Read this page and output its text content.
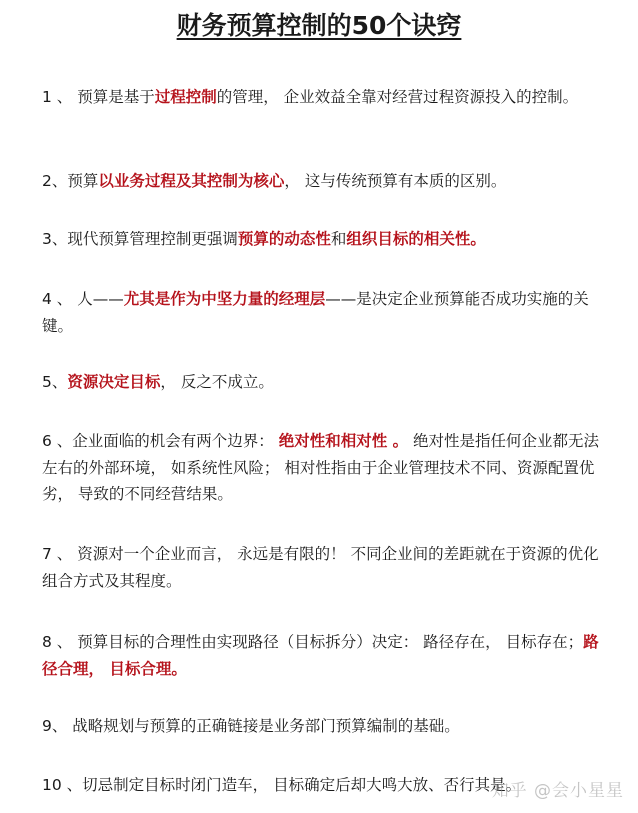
财务预算控制的50个诀窍

1 、 预算是基于过程控制的管理， 企业效益全靠对经营过程资源投入的控制。

2、预算以业务过程及其控制为核心， 这与传统预算有本质的区别。

3、现代预算管理控制更强调预算的动态性和组织目标的相关性。

4 、 人——尤其是作为中坚力量的经理层——是决定企业预算能否成功实施的关键。

5、资源决定目标， 反之不成立。

6 、企业面临的机会有两个边界： 绝对性和相对性 。 绝对性是指任何企业都无法左右的外部环境， 如系统性风险； 相对性指由于企业管理技术不同、资源配置优劣， 导致的不同经营结果。

7 、 资源对一个企业而言， 永远是有限的！ 不同企业间的差距就在于资源的优化组合方式及其程度。

8 、 预算目标的合理性由实现路径（目标拆分）决定： 路径存在， 目标存在；路径合理， 目标合理。

9、 战略规划与预算的正确链接是业务部门预算编制的基础。

10 、切忌制定目标时闭门造车， 目标确定后却大鸣大放、否行其是。

知乎 @会小星星
